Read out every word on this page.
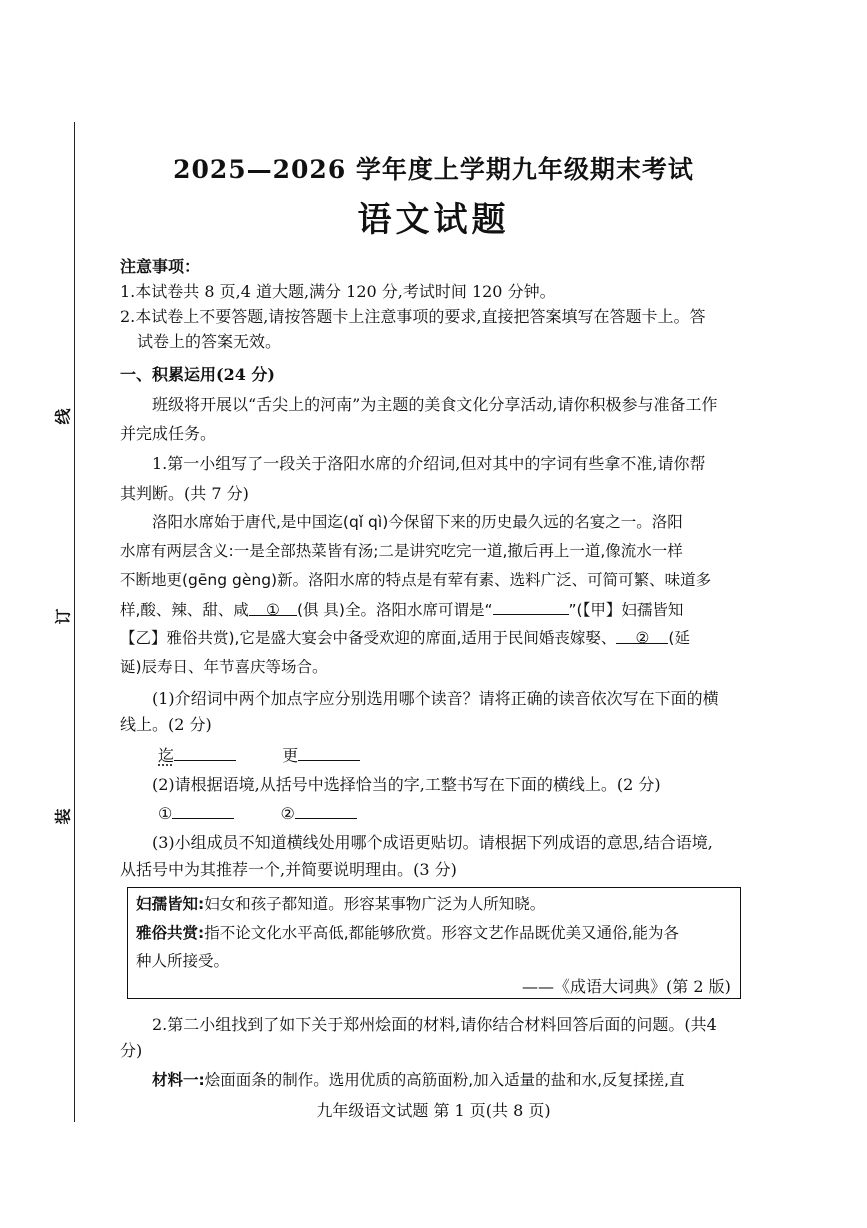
线
订
装
2025—2026 学年度上学期九年级期末考试
语文试题
注意事项：
1.本试卷共 8 页,4 道大题,满分 120 分,考试时间 120 分钟。
2.本试卷上不要答题,请按答题卡上注意事项的要求,直接把答案填写在答题卡上。答
试卷上的答案无效。
一、积累运用(24 分)
班级将开展以“舌尖上的河南”为主题的美食文化分享活动,请你积极参与准备工作
并完成任务。
1.第一小组写了一段关于洛阳水席的介绍词,但对其中的字词有些拿不准,请你帮
其判断。(共 7 分)
洛阳水席始于唐代,是中国迄(qǐ qì)今保留下来的历史最久远的名宴之一。洛阳
水席有两层含义:一是全部热菜皆有汤;二是讲究吃完一道,撤后再上一道,像流水一样
不断地更(gēng gèng)新。洛阳水席的特点是有荤有素、选料广泛、可简可繁、味道多
样,酸、辣、甜、咸 ① (俱 具)全。洛阳水席可谓是“	”(【甲】妇孺皆知
【乙】雅俗共赏),它是盛大宴会中备受欢迎的席面,适用于民间婚丧嫁娶、 ② (延
诞)辰寿日、年节喜庆等场合。
(1)介绍词中两个加点字应分别选用哪个读音？请将正确的读音依次写在下面的横
线上。(2 分)
迄	更
(2)请根据语境,从括号中选择恰当的字,工整书写在下面的横线上。(2 分)
①	②
(3)小组成员不知道横线处用哪个成语更贴切。请根据下列成语的意思,结合语境,
从括号中为其推荐一个,并简要说明理由。(3 分)
妇孺皆知:妇女和孩子都知道。形容某事物广泛为人所知晓。
雅俗共赏:指不论文化水平高低,都能够欣赏。形容文艺作品既优美又通俗,能为各
种人所接受。
——《成语大词典》(第 2 版)
2.第二小组找到了如下关于郑州烩面的材料,请你结合材料回答后面的问题。(共4
分)
材料一:烩面面条的制作。选用优质的高筋面粉,加入适量的盐和水,反复揉搓,直
九年级语文试题 第 1 页(共 8 页)
